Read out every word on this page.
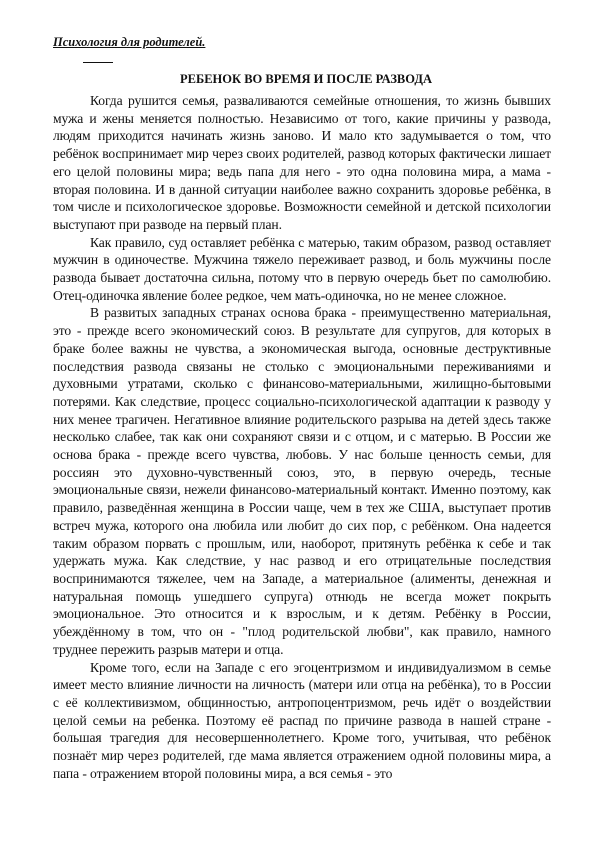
Психология для родителей.

РЕБЕНОК ВО ВРЕМЯ И ПОСЛЕ РАЗВОДА

Когда рушится семья, разваливаются семейные отношения, то жизнь бывших мужа и жены меняется полностью. Независимо от того, какие причины у развода, людям приходится начинать жизнь заново. И мало кто задумывается о том, что ребёнок воспринимает мир через своих родителей, развод которых фактически лишает его целой половины мира; ведь папа для него - это одна половина мира, а мама - вторая половина. И в данной ситуации наиболее важно сохранить здоровье ребёнка, в том числе и психологическое здоровье. Возможности семейной и детской психологии выступают при разводе на первый план.

Как правило, суд оставляет ребёнка с матерью, таким образом, развод оставляет мужчин в одиночестве. Мужчина тяжело переживает развод, и боль мужчины после развода бывает достаточна сильна, потому что в первую очередь бьет по самолюбию. Отец-одиночка явление более редкое, чем мать-одиночка, но не менее сложное.

В развитых западных странах основа брака - преимущественно материальная, это - прежде всего экономический союз. В результате для супругов, для которых в браке более важны не чувства, а экономическая выгода, основные деструктивные последствия развода связаны не столько с эмоциональными переживаниями и духовными утратами, сколько с финансово-материальными, жилищно-бытовыми потерями. Как следствие, процесс социально-психологической адаптации к разводу у них менее трагичен. Негативное влияние родительского разрыва на детей здесь также несколько слабее, так как они сохраняют связи и с отцом, и с матерью. В России же основа брака - прежде всего чувства, любовь. У нас больше ценность семьи, для россиян это духовно-чувственный союз, это, в первую очередь, тесные эмоциональные связи, нежели финансово-материальный контакт. Именно поэтому, как правило, разведённая женщина в России чаще, чем в тех же США, выступает против встреч мужа, которого она любила или любит до сих пор, с ребёнком. Она надеется таким образом порвать с прошлым, или, наоборот, притянуть ребёнка к себе и так удержать мужа. Как следствие, у нас развод и его отрицательные последствия воспринимаются тяжелее, чем на Западе, а материальное (алименты, денежная и натуральная помощь ушедшего супруга) отнюдь не всегда может покрыть эмоциональное. Это относится и к взрослым, и к детям. Ребёнку в России, убеждённому в том, что он - "плод родительской любви", как правило, намного труднее пережить разрыв матери и отца.

Кроме того, если на Западе с его эгоцентризмом и индивидуализмом в семье имеет место влияние личности на личность (матери или отца на ребёнка), то в России с её коллективизмом, общинностью, антропоцентризмом, речь идёт о воздействии целой семьи на ребенка. Поэтому её распад по причине развода в нашей стране - большая трагедия для несовершеннолетнего. Кроме того, учитывая, что ребёнок познаёт мир через родителей, где мама является отражением одной половины мира, а папа - отражением второй половины мира, а вся семья - это
